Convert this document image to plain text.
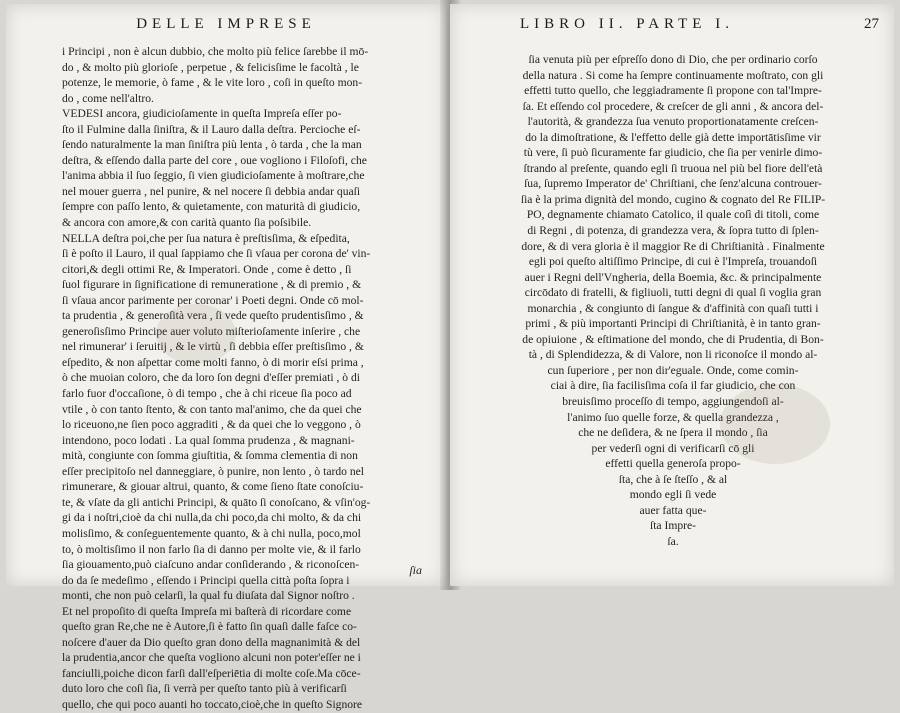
DELLE IMPRESE
i Principi , non è alcun dubbio, che molto più felice ſarebbe il mō-
do , & molto più glorioſe , perpetue , & felicisſime le facoltà , le
potenze, le memorie, ò fame , & le vite loro , coſi in queſto mon-
do , come nell'altro.
VEDESI ancora, giudicioſamente in queſta Impreſa eſſer po-
ſto il Fulmine dalla ſiniſtra, & il Lauro dalla deſtra. Percioche eſ-
ſendo naturalmente la man ſiniſtra più lenta , ò tarda , che la man
deſtra, & eſſendo dalla parte del core , oue vogliono i Filoſofi, che
l'anima abbia il ſuo ſeggio, ſi vien giudicioſamente à moſtrare,che
nel mouer guerra , nel punire, & nel nocere ſi debbia andar quaſi
ſempre con paſſo lento, & quietamente, con maturità di giudicio,
& ancora con amore,& con carità quanto ſia poſsibile.
NELLA deſtra poi,che per ſua natura è preſtisſima, & eſpedita,
ſi è poſto il Lauro, il qual ſappiamo che ſi vſaua per corona de' vin-
citori,& degli ottimi Re, & Imperatori. Onde , come è detto , ſi
ſuol figurare in ſignificatione di remuneratione , & di premio , &
ſi vſaua ancor parimente per coronar' i Poeti degni. Onde cō mol-
ta prudentia , & generoſità vera , ſi vede queſto prudentisſimo , &
generoſisſimo Principe auer voluto miſterioſamente inſerire , che
nel rimunerar' i ſeruitij , & le virtù , ſi debbia eſſer preſtisſimo , &
eſpedito, & non aſpettar come molti fanno, ò di morir eſsi prima ,
ò che muoian coloro, che da loro ſon degni d'eſſer premiati , ò di
farlo fuor d'occaſione, ò di tempo , che à chi riceue ſia poco ad
vtile , ò con tanto ſtento, & con tanto mal'animo, che da quei che
lo riceuono,ne ſien poco aggraditi , & da quei che lo veggono , ò
intendono, poco lodati . La qual ſomma prudenza , & magnani-
mità, congiunte con ſomma giuſtitia, & ſomma clementia di non
eſſer precipitoſo nel danneggiare, ò punire, non lento , ò tardo nel
rimunerare, & giouar altrui, quanto, & come ſieno ſtate conoſciu-
te, & vſate da gli antichi Principi, & quāto ſi conoſcano, & vſin'og-
gi da i noſtri,cioè da chi nulla,da chi poco,da chi molto, & da chi
molisſimo, & conſeguentemente quanto, & à chi nulla, poco,mol
to, ò moltisſimo il non farlo ſia di danno per molte vie, & il farlo
ſia giouamento,può ciaſcuno andar conſiderando , & riconoſcen-
do da ſe medeſimo , eſſendo i Principi quella città poſta ſopra i
monti, che non può celarſi, la qual fu diuſata dal Signor noſtro .
Et nel propoſito di queſta Impreſa mi baſterà di ricordare come
queſto gran Re,che ne è Autore,ſi è fatto ſin quaſi dalle faſce co-
noſcere d'auer da Dio queſto gran dono della magnanimità & del
la prudentia,ancor che queſta vogliono alcuni non poter'eſſer ne i
fanciulli,poiche dicon farſi dall'eſperiētia di molte coſe.Ma cōce-
duto loro che coſi ſia, ſi verrà per queſto tanto più à verificarſi
quello, che qui poco auanti ho toccato,cioè,che in queſto Signore
ſia
LIBRO II. PARTE I.	27
ſia venuta più per eſpreſſo dono di Dio, che per ordinario corſo
della natura . Si come ha ſempre continuamente moſtrato, con gli
effetti tutto quello, che leggiadramente ſi propone con tal'Impre-
ſa. Et eſſendo col procedere, & creſcer de gli anni , & ancora del-
l'autorità, & grandezza ſua venuto proportionatamente creſcen-
do la dimoſtratione, & l'effetto delle già dette importātisſime vir
tù vere, ſi può ſicuramente far giudicio, che ſia per venirle dimo-
ſtrando al preſente, quando egli ſi truoua nel più bel fiore dell'età
ſua, ſupremo Imperator de' Chriſtiani, che ſenz'alcuna controuer-
ſia è la prima dignità del mondo, cugino & cognato del Re FILIP-
PO, degnamente chiamato Catolico, il quale coſì di titoli, come
di Regni , di potenza, di grandezza vera, & ſopra tutto di ſplen-
dore, & di vera gloria è il maggior Re di Chriſtianità . Finalmente
egli poi queſto altiſſimo Principe, di cui è l'Impreſa, trouandoſi
auer i Regni dell'Vngheria, della Boemia, &c. & principalmente
circōdato di fratelli, & figliuoli, tutti degni di qual ſi voglia gran
monarchia , & congiunto di ſangue & d'affinità con quaſi tutti i
primi , & più importanti Principi di Chriſtianità, è in tanto gran-
de opiuione , & eſtimatione del mondo, che di Prudentia, di Bon-
tà , di Splendidezza, & di Valore, non li riconoſce il mondo al-
cun ſuperiore , per non dir'eguale. Onde, come comin-
ciai à dire, ſia facilisſima coſa il far giudicio, che con
breuisſimo proceſſo di tempo, aggiungendoſi al-
l'animo ſuo quelle forze, & quella grandezza ,
che ne deſidera, & ne ſpera il mondo , ſia
per vederſi ogni di verificarſi cō gli
effetti quella generoſa propo-
ſta, che à ſe ſteſſo , & al
mondo egli ſi vede
auer fatta que-
ſta Impre-
ſa.
